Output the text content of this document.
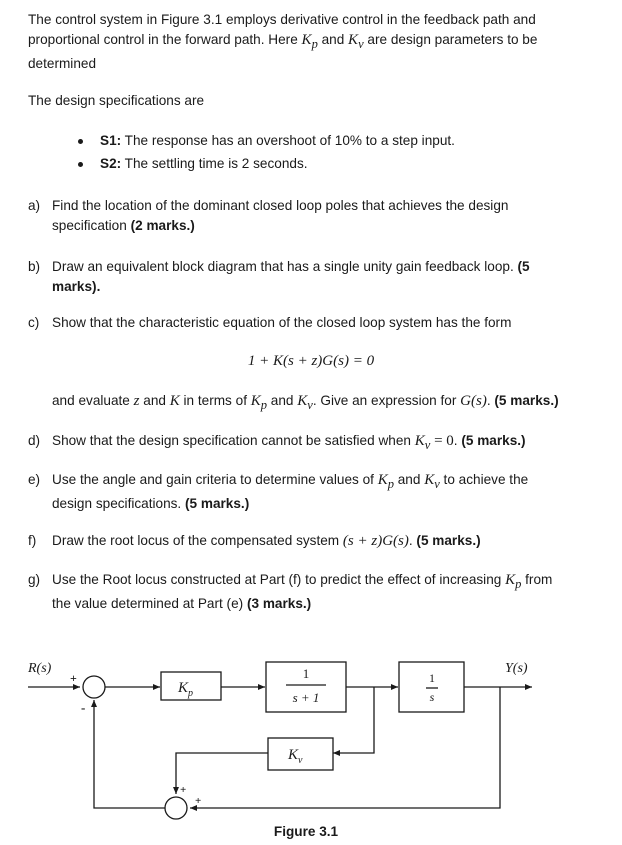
The control system in Figure 3.1 employs derivative control in the feedback path and
proportional control in the forward path. Here $K_p$ and $K_v$ are design parameters to be
determined
The design specifications are
S1: The response has an overshoot of 10% to a step input.
S2: The settling time is 2 seconds.
a) Find the location of the dominant closed loop poles that achieves the design
specification (2 marks.)
b) Draw an equivalent block diagram that has a single unity gain feedback loop. (5
marks).
c) Show that the characteristic equation of the closed loop system has the form
1 + K(s + z)G(s) = 0
and evaluate z and K in terms of $K_p$ and $K_v$. Give an expression for G(s). (5 marks.)
d) Show that the design specification cannot be satisfied when $K_v = 0$. (5 marks.)
e) Use the angle and gain criteria to determine values of $K_p$ and $K_v$ to achieve the
design specifications. (5 marks.)
f) Draw the root locus of the compensated system (s + z)G(s). (5 marks.)
g) Use the Root locus constructed at Part (f) to predict the effect of increasing $K_p$ from
the value determined at Part (e) (3 marks.)
R(s)	Y(s)
+
-
+
+
$K_p$
1
s + 1
1
s
$K_v$
Figure 3.1
